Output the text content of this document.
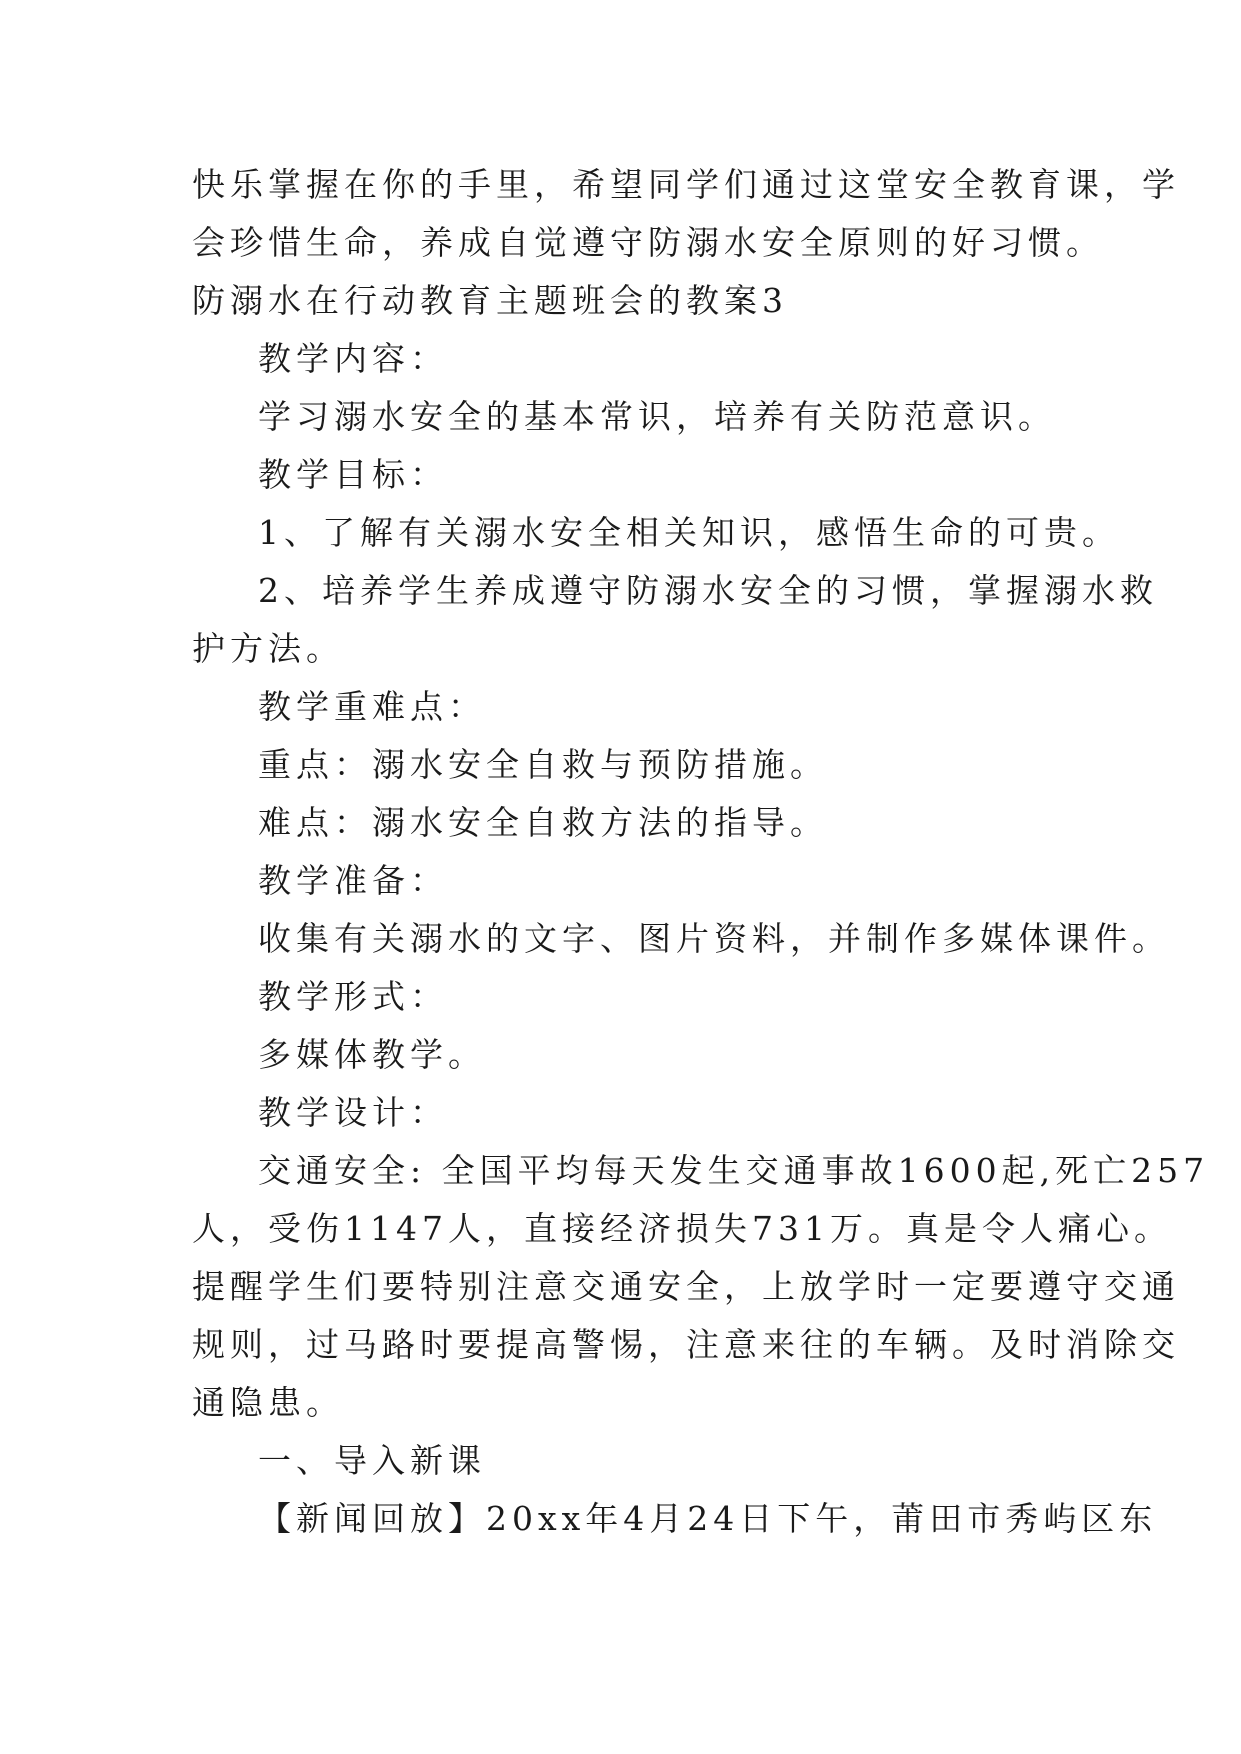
快乐掌握在你的手里，希望同学们通过这堂安全教育课，学
会珍惜生命，养成自觉遵守防溺水安全原则的好习惯。
防溺水在行动教育主题班会的教案3
教学内容：
学习溺水安全的基本常识，培养有关防范意识。
教学目标：
1、了解有关溺水安全相关知识，感悟生命的可贵。
2、培养学生养成遵守防溺水安全的习惯，掌握溺水救
护方法。
教学重难点：
重点：溺水安全自救与预防措施。
难点：溺水安全自救方法的指导。
教学准备：
收集有关溺水的文字、图片资料，并制作多媒体课件。
教学形式：
多媒体教学。
教学设计：
交通安全: 全国平均每天发生交通事故1600起,死亡257
人，受伤1147人，直接经济损失731万。真是令人痛心。
提醒学生们要特别注意交通安全，上放学时一定要遵守交通
规则，过马路时要提高警惕，注意来往的车辆。及时消除交
通隐患。
一、导入新课
【新闻回放】20xx年4月24日下午，莆田市秀屿区东
